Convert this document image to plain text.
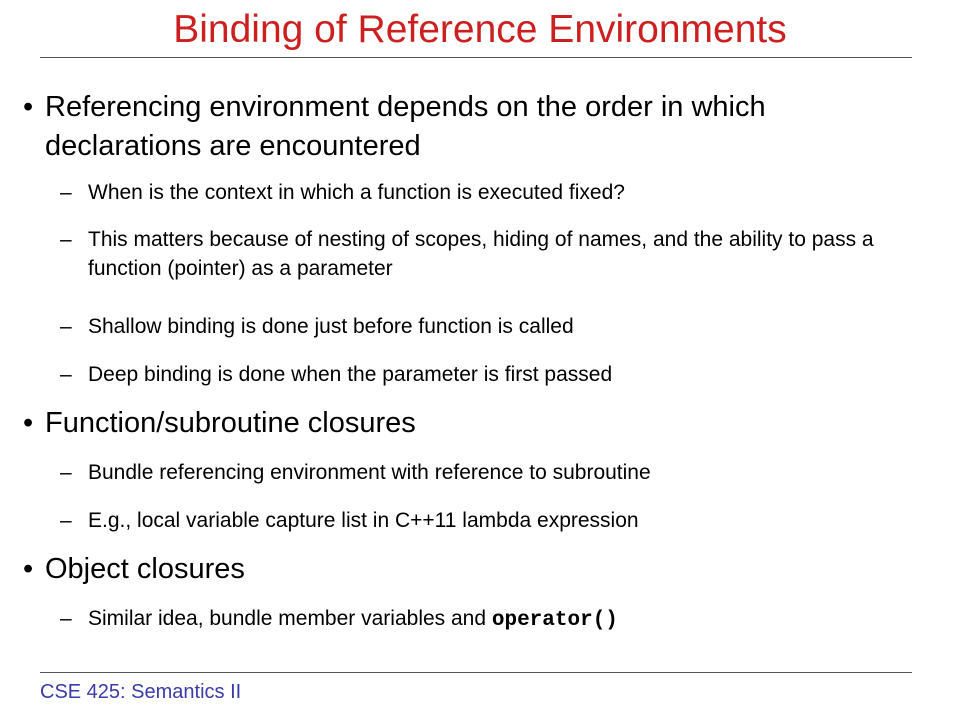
Binding of Reference Environments
• Referencing environment depends on the order in which declarations are encountered
– When is the context in which a function is executed fixed?
– This matters because of nesting of scopes, hiding of names, and the ability to pass a function (pointer) as a parameter
– Shallow binding is done just before function is called
– Deep binding is done when the parameter is first passed
• Function/subroutine closures
– Bundle referencing environment with reference to subroutine
– E.g., local variable capture list in C++11 lambda expression
• Object closures
– Similar idea, bundle member variables and operator()
CSE 425: Semantics II
